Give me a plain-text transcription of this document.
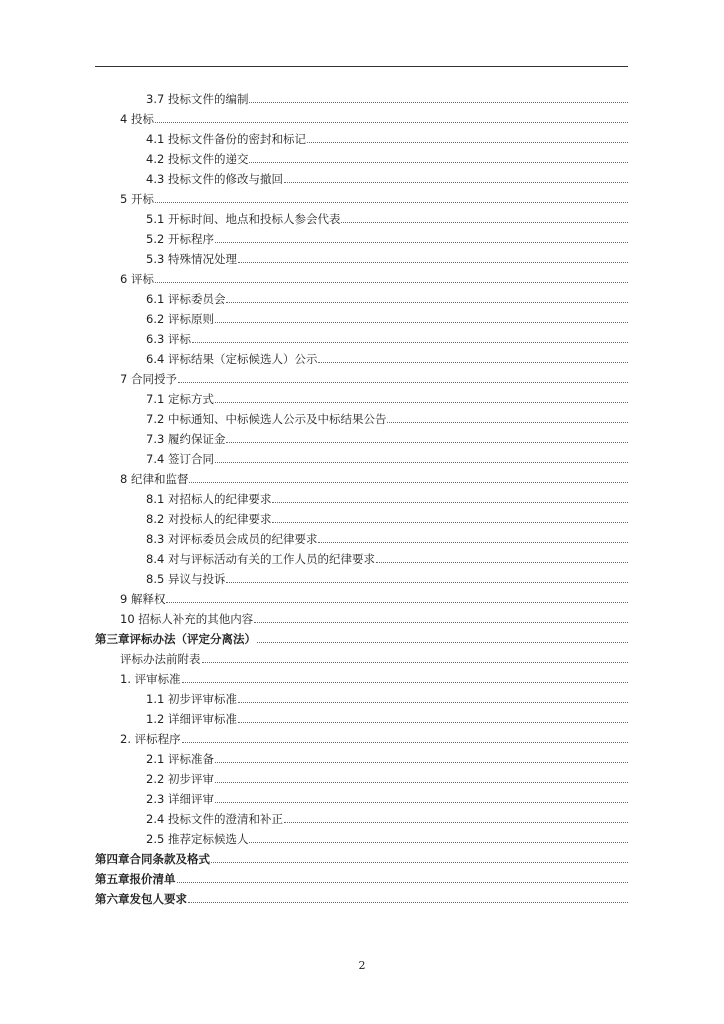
3.7 投标文件的编制
4 投标
4.1 投标文件备份的密封和标记
4.2 投标文件的递交
4.3 投标文件的修改与撤回
5 开标
5.1 开标时间、地点和投标人参会代表
5.2 开标程序
5.3 特殊情况处理
6 评标
6.1 评标委员会
6.2 评标原则
6.3 评标
6.4 评标结果（定标候选人）公示
7 合同授予
7.1 定标方式
7.2 中标通知、中标候选人公示及中标结果公告
7.3 履约保证金
7.4 签订合同
8 纪律和监督
8.1 对招标人的纪律要求
8.2 对投标人的纪律要求
8.3 对评标委员会成员的纪律要求
8.4 对与评标活动有关的工作人员的纪律要求
8.5 异议与投诉
9 解释权
10 招标人补充的其他内容
第三章评标办法（评定分离法）
评标办法前附表
1. 评审标准
1.1 初步评审标准
1.2 详细评审标准
2. 评标程序
2.1 评标准备
2.2 初步评审
2.3 详细评审
2.4 投标文件的澄清和补正
2.5 推荐定标候选人
第四章合同条款及格式
第五章报价清单
第六章发包人要求
2
